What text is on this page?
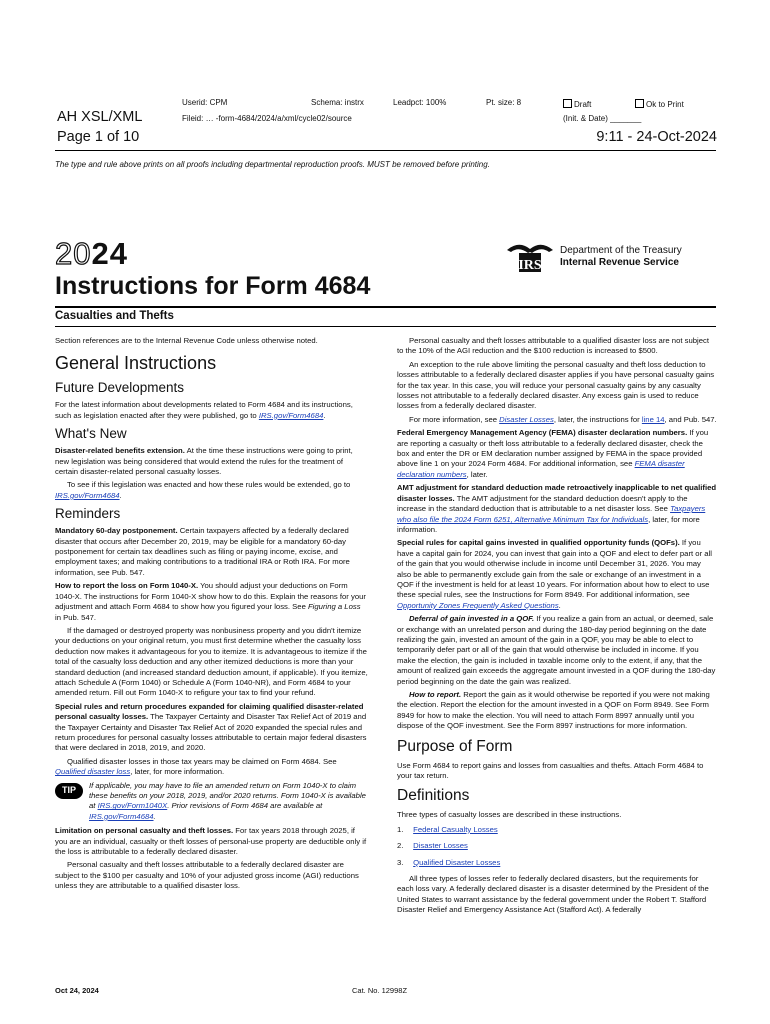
Userid: CPM	Schema: instrx	Leadpct: 100%	Pt. size: 8	Draft	Ok to Print
AH XSL/XML	Fileid: … -form-4684/2024/a/xml/cycle02/source	(Init. & Date) _______
Page 1 of 10	9:11 - 24-Oct-2024
The type and rule above prints on all proofs including departmental reproduction proofs. MUST be removed before printing.
2024
Instructions for Form 4684
IRS
Department of the Treasury
Internal Revenue Service
Casualties and Thefts

Section references are to the Internal Revenue Code unless otherwise noted.

General Instructions
Future Developments

For the latest information about developments related to Form 4684 and its instructions, such as legislation enacted after they were published, go to IRS.gov/Form4684.

What's New

Disaster-related benefits extension. At the time these instructions were going to print, new legislation was being considered that would extend the rules for the treatment of certain disaster-related personal casualty losses.

To see if this legislation was enacted and how these rules would be extended, go to IRS.gov/Form4684.

Reminders

Mandatory 60-day postponement. Certain taxpayers affected by a federally declared disaster that occurs after December 20, 2019, may be eligible for a mandatory 60-day postponement for certain tax deadlines such as filing or paying income, excise, and employment taxes; and making contributions to a traditional IRA or Roth IRA. For more information, see Pub. 547.

How to report the loss on Form 1040-X. You should adjust your deductions on Form 1040-X. The instructions for Form 1040-X show how to do this. Explain the reasons for your adjustment and attach Form 4684 to show how you figured your loss. See Figuring a Loss in Pub. 547.

If the damaged or destroyed property was nonbusiness property and you didn't itemize your deductions on your original return, you must first determine whether the casualty loss deduction now makes it advantageous for you to itemize. It is advantageous to itemize if the total of the casualty loss deduction and any other itemized deductions is more than your standard deduction (and increased standard deduction amount, if applicable). If you itemize, attach Schedule A (Form 1040) or Schedule A (Form 1040-NR), and Form 4684 to your amended return. Fill out Form 1040-X to refigure your tax to find your refund.

Special rules and return procedures expanded for claiming qualified disaster-related personal casualty losses. The Taxpayer Certainty and Disaster Tax Relief Act of 2019 and the Taxpayer Certainty and Disaster Tax Relief Act of 2020 expanded the special rules and return procedures for personal casualty losses attributable to certain major federal disasters that were declared in 2018, 2019, and 2020.

Qualified disaster losses in those tax years may be claimed on Form 4684. See Qualified disaster loss, later, for more information.

TIP
If applicable, you may have to file an amended return on Form 1040-X to claim these benefits on your 2018, 2019, and/or 2020 returns. Form 1040-X is available at IRS.gov/Form1040X. Prior revisions of Form 4684 are available at IRS.gov/Form4684.

Limitation on personal casualty and theft losses. For tax years 2018 through 2025, if you are an individual, casualty or theft losses of personal-use property are deductible only if the loss is attributable to a federally declared disaster.

Personal casualty and theft losses attributable to a federally declared disaster are subject to the $100 per casualty and 10% of your adjusted gross income (AGI) reductions unless they are attributable to a qualified disaster loss.

Personal casualty and theft losses attributable to a qualified disaster loss are not subject to the 10% of the AGI reduction and the $100 reduction is increased to $500.

An exception to the rule above limiting the personal casualty and theft loss deduction to losses attributable to a federally declared disaster applies if you have personal casualty gains for the tax year. In this case, you will reduce your personal casualty gains by any casualty losses not attributable to a federally declared disaster. Any excess gain is used to reduce losses from a federally declared disaster.

For more information, see Disaster Losses, later, the instructions for line 14, and Pub. 547.

Federal Emergency Management Agency (FEMA) disaster declaration numbers. If you are reporting a casualty or theft loss attributable to a federally declared disaster, check the box and enter the DR or EM declaration number assigned by FEMA in the space provided above line 1 on your 2024 Form 4684. For additional information, see FEMA disaster declaration numbers, later.

AMT adjustment for standard deduction made retroactively inapplicable to net qualified disaster losses. The AMT adjustment for the standard deduction doesn't apply to the increase in the standard deduction that is attributable to a net disaster loss. See Taxpayers who also file the 2024 Form 6251, Alternative Minimum Tax for Individuals, later, for more information.

Special rules for capital gains invested in qualified opportunity funds (QOFs). If you have a capital gain for 2024, you can invest that gain into a QOF and elect to defer part or all of the gain that you would otherwise include in income until December 31, 2026. You may also be able to permanently exclude gain from the sale or exchange of an investment in a QOF if the investment is held for at least 10 years. For information about how to elect to use these special rules, see the Instructions for Form 8949. For additional information, see Opportunity Zones Frequently Asked Questions.

Deferral of gain invested in a QOF. If you realize a gain from an actual, or deemed, sale or exchange with an unrelated person and during the 180-day period beginning on the date realizing the gain, invested an amount of the gain in a QOF, you may be able to elect to temporarily defer part or all of the gain that would otherwise be included in income. If you make the election, the gain is included in taxable income only to the extent, if any, that the amount of realized gain exceeds the aggregate amount invested in a QOF during the 180-day period beginning on the date the gain was realized.

How to report. Report the gain as it would otherwise be reported if you were not making the election. Report the election for the amount invested in a QOF on Form 8949. See Form 8949 for how to make the election. You will need to attach Form 8997 annually until you dispose of the QOF investment. See the Form 8997 instructions for more information.

Purpose of Form

Use Form 4684 to report gains and losses from casualties and thefts. Attach Form 4684 to your tax return.

Definitions

Three types of casualty losses are described in these instructions.

1. Federal Casualty Losses
2. Disaster Losses
3. Qualified Disaster Losses

All three types of losses refer to federally declared disasters, but the requirements for each loss vary. A federally declared disaster is a disaster determined by the President of the United States to warrant assistance by the federal government under the Robert T. Stafford Disaster Relief and Emergency Assistance Act (Stafford Act). A federally

Oct 24, 2024	Cat. No. 12998Z
